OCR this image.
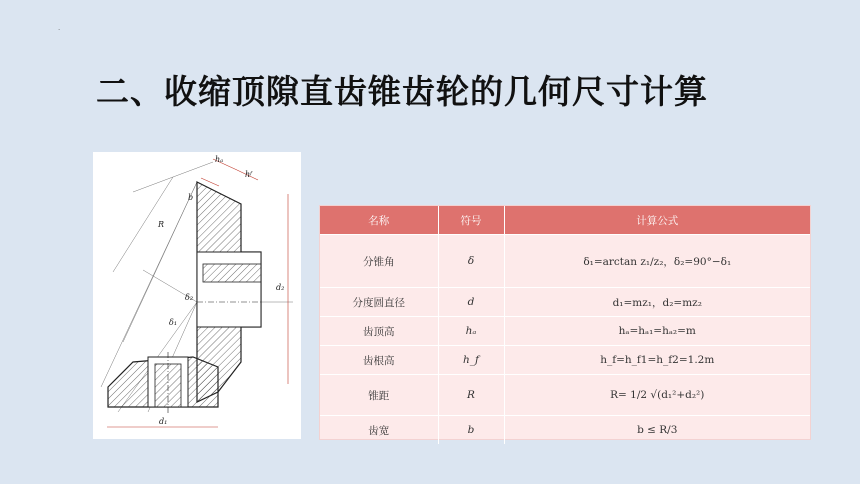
.
二、收缩顶隙直齿锥齿轮的几何尺寸计算
hₐ
hᶠ
b
R
δ₂
δ₁
d₁
d₂
名称	符号	计算公式
分锥角	δ	δ₁=arctan z₁/z₂，δ₂=90°−δ₁
分度圆直径	d	d₁=mz₁，d₂=mz₂
齿顶高	hₐ	hₐ=hₐ₁=hₐ₂=m
齿根高	h_f	h_f=h_f1=h_f2=1.2m
锥距	R	R= 1/2 √(d₁²+d₂²)
齿宽	b	b ≤ R/3
